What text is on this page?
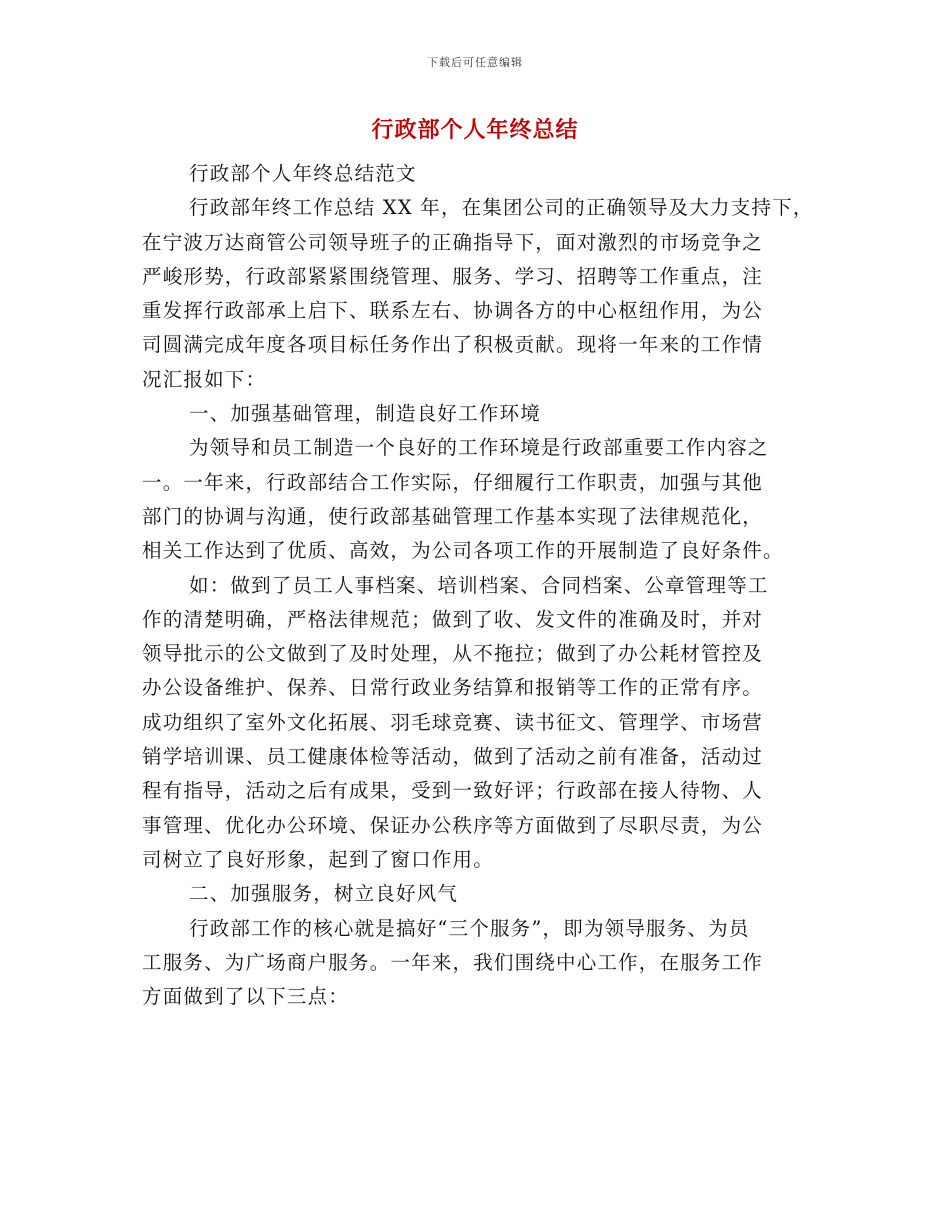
下载后可任意编辑
行政部个人年终总结
行政部个人年终总结范文
行政部年终工作总结 XX 年，在集团公司的正确领导及大力支持下，
在宁波万达商管公司领导班子的正确指导下，面对激烈的市场竞争之
严峻形势，行政部紧紧围绕管理、服务、学习、招聘等工作重点，注
重发挥行政部承上启下、联系左右、协调各方的中心枢纽作用，为公
司圆满完成年度各项目标任务作出了积极贡献。现将一年来的工作情
况汇报如下：
一、加强基础管理，制造良好工作环境
为领导和员工制造一个良好的工作环境是行政部重要工作内容之
一。一年来，行政部结合工作实际，仔细履行工作职责，加强与其他
部门的协调与沟通，使行政部基础管理工作基本实现了法律规范化，
相关工作达到了优质、高效，为公司各项工作的开展制造了良好条件。
如：做到了员工人事档案、培训档案、合同档案、公章管理等工
作的清楚明确，严格法律规范；做到了收、发文件的准确及时，并对
领导批示的公文做到了及时处理，从不拖拉；做到了办公耗材管控及
办公设备维护、保养、日常行政业务结算和报销等工作的正常有序。
成功组织了室外文化拓展、羽毛球竞赛、读书征文、管理学、市场营
销学培训课、员工健康体检等活动，做到了活动之前有准备，活动过
程有指导，活动之后有成果，受到一致好评；行政部在接人待物、人
事管理、优化办公环境、保证办公秩序等方面做到了尽职尽责，为公
司树立了良好形象，起到了窗口作用。
二、加强服务，树立良好风气
行政部工作的核心就是搞好“三个服务”，即为领导服务、为员
工服务、为广场商户服务。一年来，我们围绕中心工作，在服务工作
方面做到了以下三点：
